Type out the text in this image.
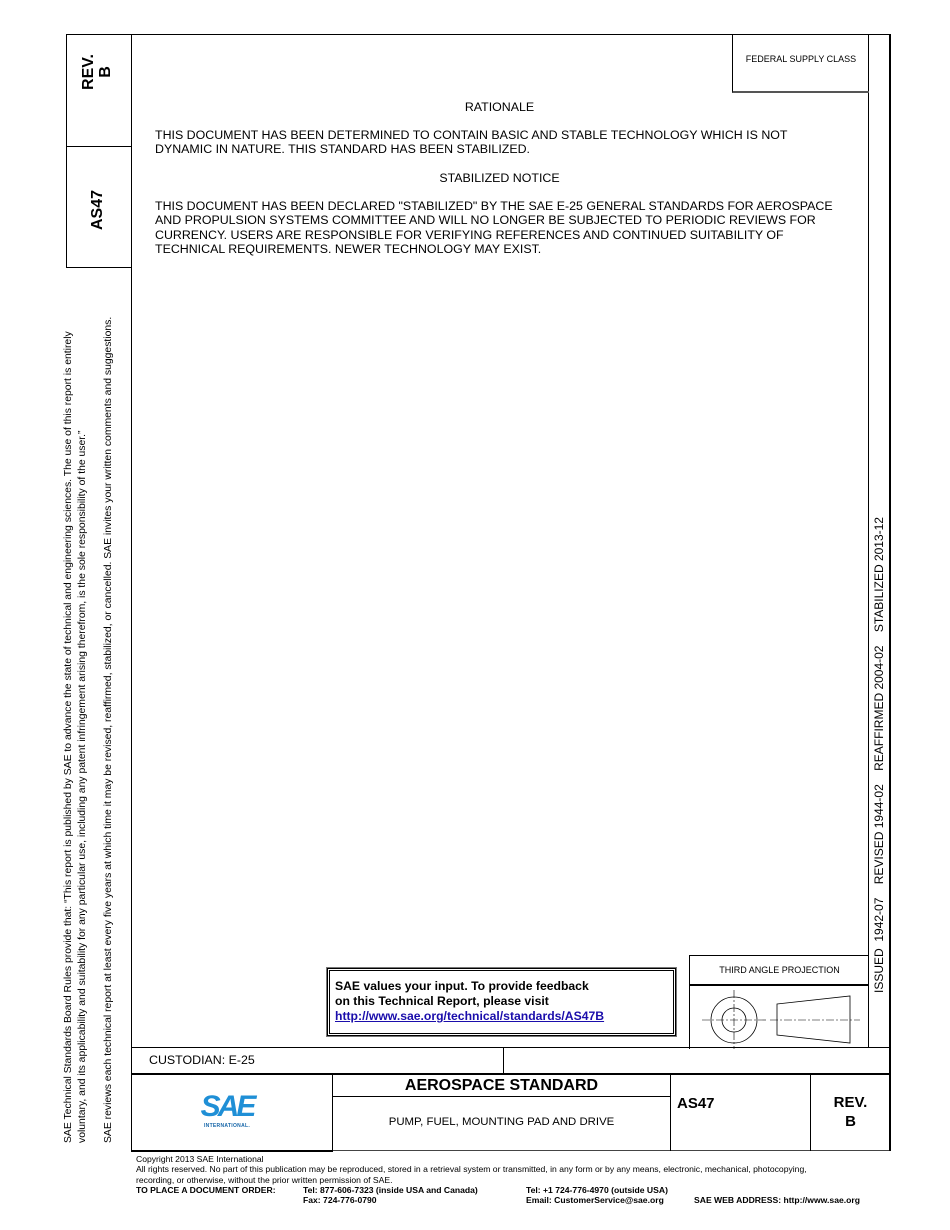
REV.
B
AS47
SAE Technical Standards Board Rules provide that: “This report is published by SAE to advance the state of technical and engineering sciences. The use of this report is entirely voluntary, and its applicability and suitability for any particular use, including any patent infringement arising therefrom, is the sole responsibility of the user.” SAE reviews each technical report at least every five years at which time it may be revised, reaffirmed, stabilized, or cancelled. SAE invites your written comments and suggestions.
FEDERAL SUPPLY CLASS
RATIONALE
THIS DOCUMENT HAS BEEN DETERMINED TO CONTAIN BASIC AND STABLE TECHNOLOGY WHICH IS NOT
DYNAMIC IN NATURE. THIS STANDARD HAS BEEN STABILIZED.
STABILIZED NOTICE
THIS DOCUMENT HAS BEEN DECLARED "STABILIZED" BY THE SAE E-25 GENERAL STANDARDS FOR AEROSPACE
AND PROPULSION SYSTEMS COMMITTEE AND WILL NO LONGER BE SUBJECTED TO PERIODIC REVIEWS FOR
CURRENCY. USERS ARE RESPONSIBLE FOR VERIFYING REFERENCES AND CONTINUED SUITABILITY OF
TECHNICAL REQUIREMENTS. NEWER TECHNOLOGY MAY EXIST.
ISSUED  1942-07    REVISED 1944-02    REAFFIRMED 2004-02    STABILIZED 2013-12
SAE values your input. To provide feedback
on this Technical Report, please visit
http://www.sae.org/technical/standards/AS47B
THIRD ANGLE PROJECTION
CUSTODIAN: E-25
SAE
INTERNATIONAL.
AEROSPACE STANDARD
PUMP, FUEL, MOUNTING PAD AND DRIVE
AS47	REV.
B
Copyright 2013 SAE International
All rights reserved. No part of this publication may be reproduced, stored in a retrieval system or transmitted, in any form or by any means, electronic, mechanical, photocopying,
recording, or otherwise, without the prior written permission of SAE.
TO PLACE A DOCUMENT ORDER:	Tel: 877-606-7323 (inside USA and Canada)
Fax: 724-776-0790
Tel: +1 724-776-4970 (outside USA)
Email: CustomerService@sae.org	SAE WEB ADDRESS: http://www.sae.org
